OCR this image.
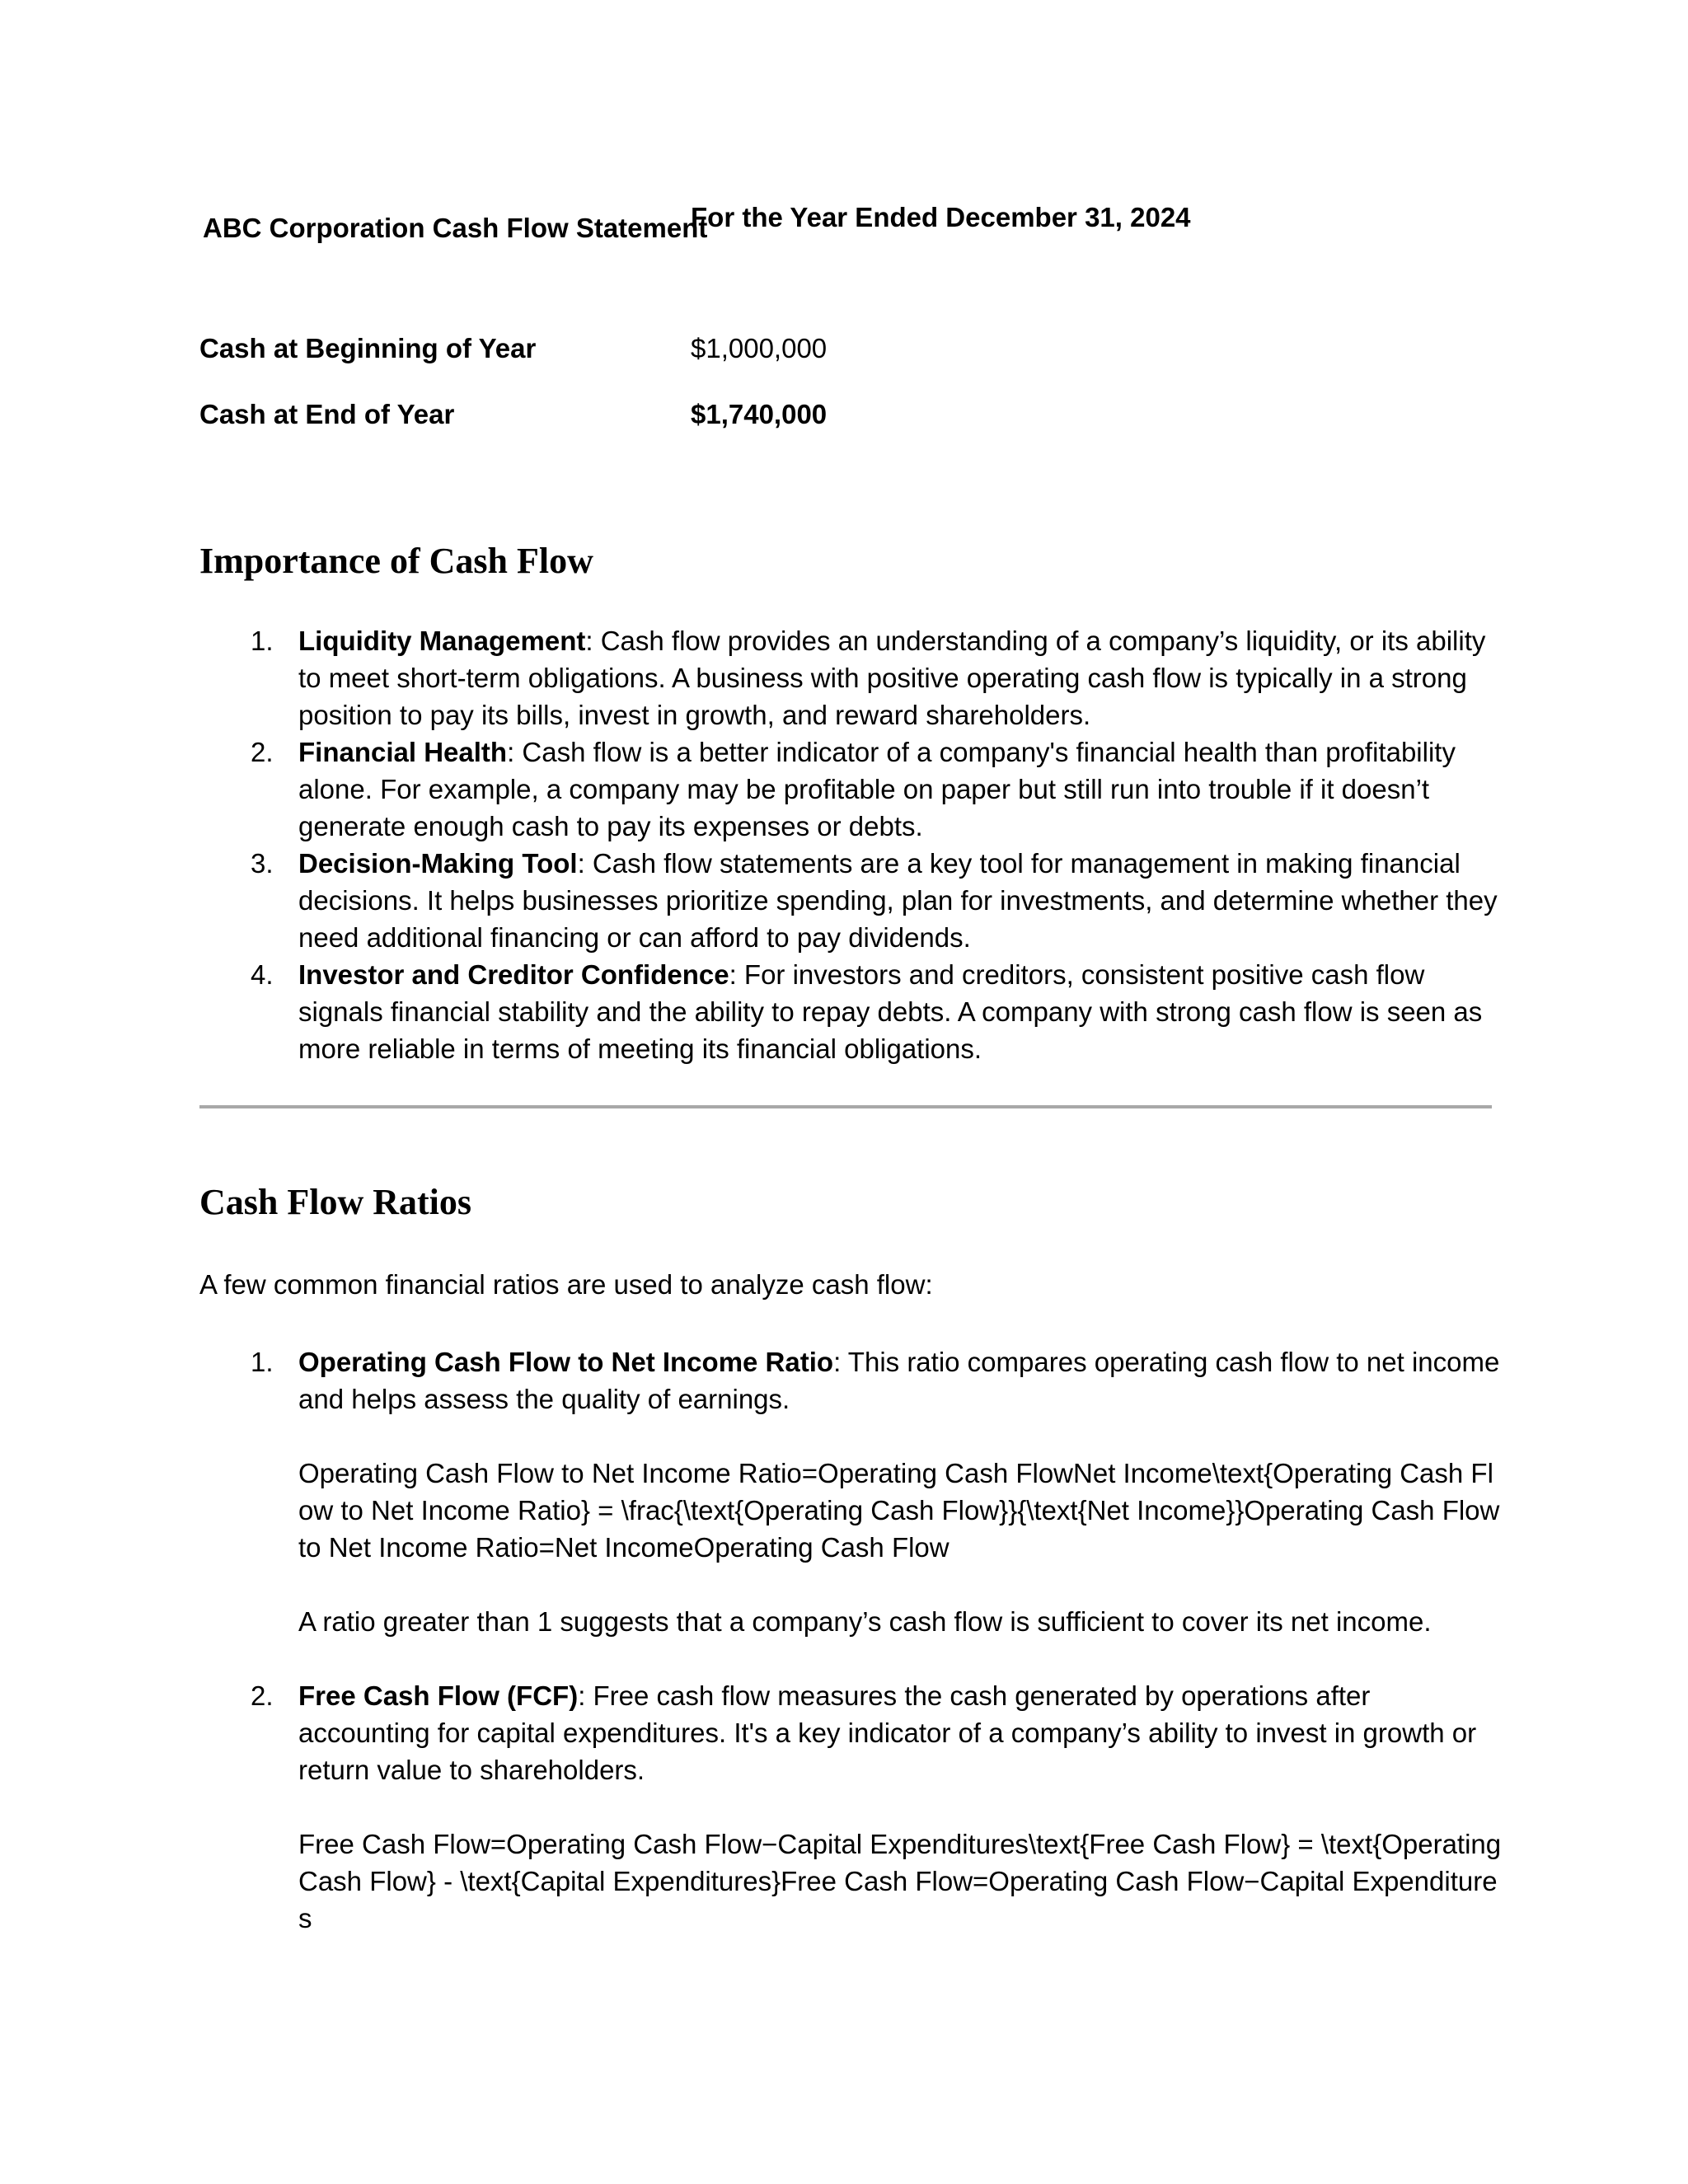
ABC Corporation Cash Flow Statement
For the Year Ended December 31, 2024
Cash at Beginning of Year	$1,000,000
Cash at End of Year	$1,740,000
Importance of Cash Flow
1. Liquidity Management: Cash flow provides an understanding of a company’s liquidity, or its ability to meet short-term obligations. A business with positive operating cash flow is typically in a strong position to pay its bills, invest in growth, and reward shareholders.
2. Financial Health: Cash flow is a better indicator of a company's financial health than profitability alone. For example, a company may be profitable on paper but still run into trouble if it doesn’t generate enough cash to pay its expenses or debts.
3. Decision-Making Tool: Cash flow statements are a key tool for management in making financial decisions. It helps businesses prioritize spending, plan for investments, and determine whether they need additional financing or can afford to pay dividends.
4. Investor and Creditor Confidence: For investors and creditors, consistent positive cash flow signals financial stability and the ability to repay debts. A company with strong cash flow is seen as more reliable in terms of meeting its financial obligations.
Cash Flow Ratios
A few common financial ratios are used to analyze cash flow:
1. Operating Cash Flow to Net Income Ratio: This ratio compares operating cash flow to net income and helps assess the quality of earnings.
Operating Cash Flow to Net Income Ratio=Operating Cash FlowNet Income\text{Operating Cash Flow to Net Income Ratio} = \frac{\text{Operating Cash Flow}}{\text{Net Income}}Operating Cash Flow to Net Income Ratio=Net IncomeOperating Cash Flow
A ratio greater than 1 suggests that a company’s cash flow is sufficient to cover its net income.
2. Free Cash Flow (FCF): Free cash flow measures the cash generated by operations after accounting for capital expenditures. It's a key indicator of a company’s ability to invest in growth or return value to shareholders.
Free Cash Flow=Operating Cash Flow−Capital Expenditures\text{Free Cash Flow} = \text{Operating Cash Flow} - \text{Capital Expenditures}Free Cash Flow=Operating Cash Flow−Capital Expenditures
